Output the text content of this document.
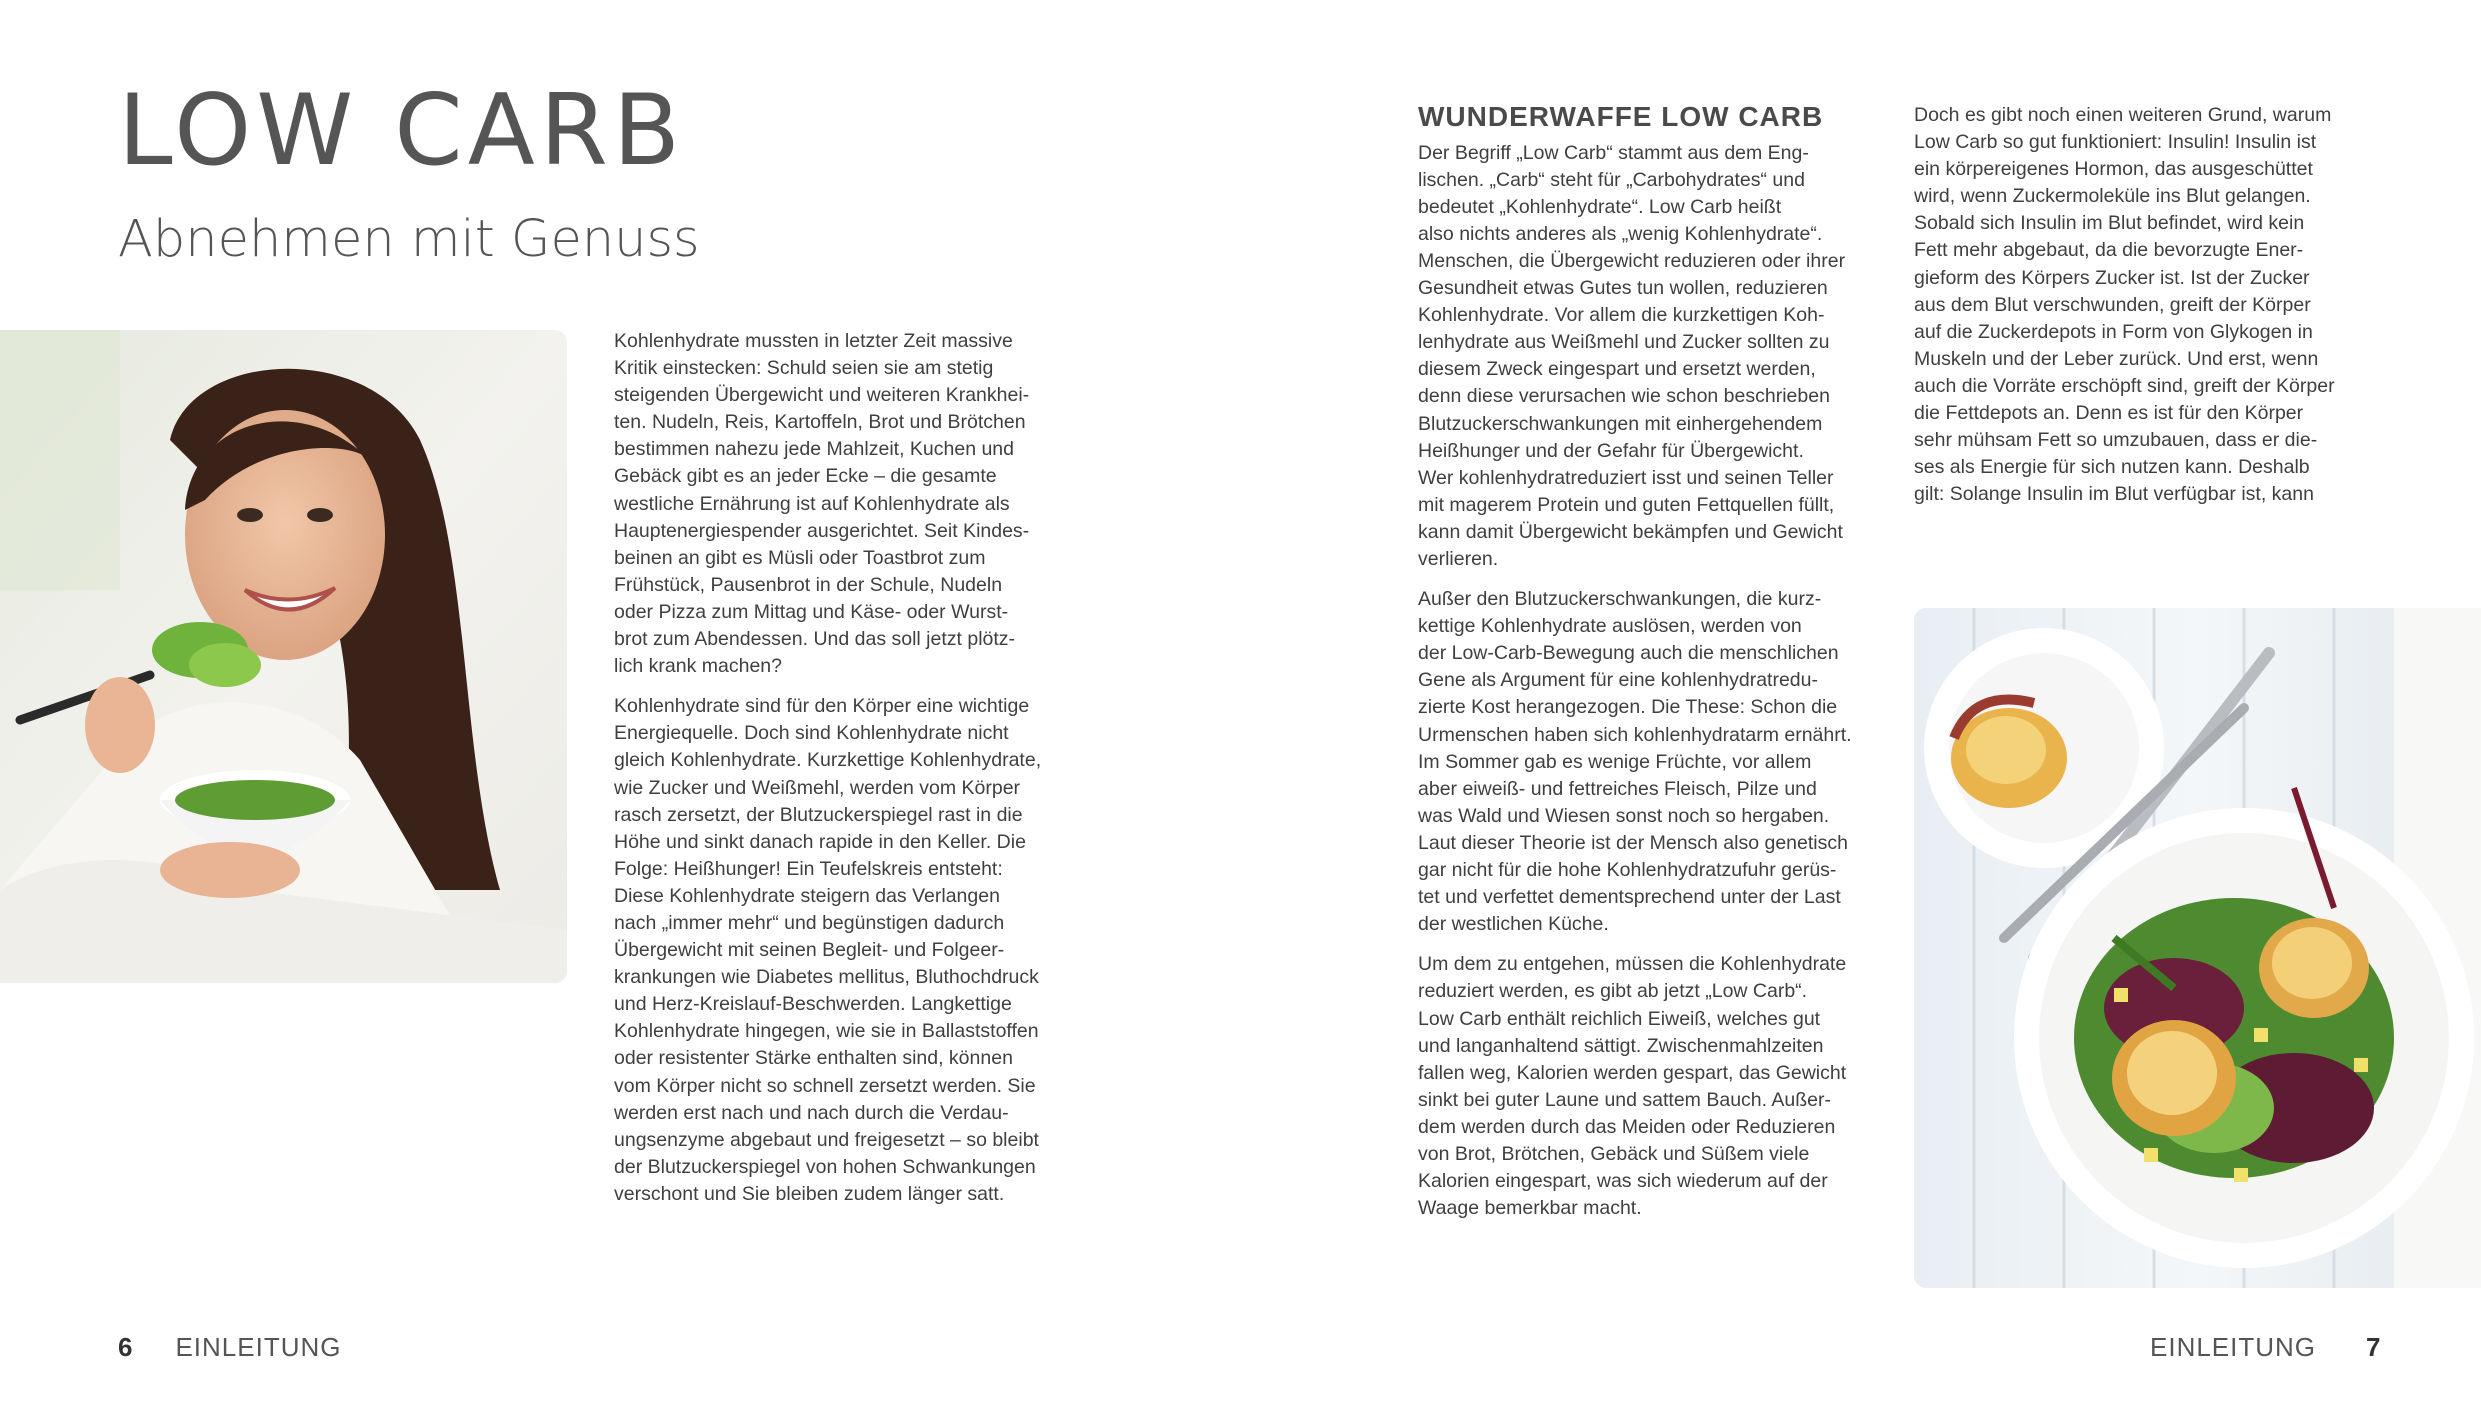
LOW CARB
Abnehmen mit Genuss

Kohlenhydrate mussten in letzter Zeit massive
Kritik einstecken: Schuld seien sie am stetig
steigenden Übergewicht und weiteren Krankhei-
ten. Nudeln, Reis, Kartoffeln, Brot und Brötchen
bestimmen nahezu jede Mahlzeit, Kuchen und
Gebäck gibt es an jeder Ecke – die gesamte
westliche Ernährung ist auf Kohlenhydrate als
Hauptenergiespender ausgerichtet. Seit Kindes-
beinen an gibt es Müsli oder Toastbrot zum
Frühstück, Pausenbrot in der Schule, Nudeln
oder Pizza zum Mittag und Käse- oder Wurst-
brot zum Abendessen. Und das soll jetzt plötz-
lich krank machen?

Kohlenhydrate sind für den Körper eine wichtige
Energiequelle. Doch sind Kohlenhydrate nicht
gleich Kohlenhydrate. Kurzkettige Kohlenhydrate,
wie Zucker und Weißmehl, werden vom Körper
rasch zersetzt, der Blutzuckerspiegel rast in die
Höhe und sinkt danach rapide in den Keller. Die
Folge: Heißhunger! Ein Teufelskreis entsteht:
Diese Kohlenhydrate steigern das Verlangen
nach „immer mehr“ und begünstigen dadurch
Übergewicht mit seinen Begleit- und Folgeer-
krankungen wie Diabetes mellitus, Bluthochdruck
und Herz-Kreislauf-Beschwerden. Langkettige
Kohlenhydrate hingegen, wie sie in Ballaststoffen
oder resistenter Stärke enthalten sind, können
vom Körper nicht so schnell zersetzt werden. Sie
werden erst nach und nach durch die Verdau-
ungsenzyme abgebaut und freigesetzt – so bleibt
der Blutzuckerspiegel von hohen Schwankungen
verschont und Sie bleiben zudem länger satt.

WUNDERWAFFE LOW CARB

Der Begriff „Low Carb“ stammt aus dem Eng-
lischen. „Carb“ steht für „Carbohydrates“ und
bedeutet „Kohlenhydrate“. Low Carb heißt
also nichts anderes als „wenig Kohlenhydrate“.
Menschen, die Übergewicht reduzieren oder ihrer
Gesundheit etwas Gutes tun wollen, reduzieren
Kohlenhydrate. Vor allem die kurzkettigen Koh-
lenhydrate aus Weißmehl und Zucker sollten zu
diesem Zweck eingespart und ersetzt werden,
denn diese verursachen wie schon beschrieben
Blutzuckerschwankungen mit einhergehendem
Heißhunger und der Gefahr für Übergewicht.
Wer kohlenhydratreduziert isst und seinen Teller
mit magerem Protein und guten Fettquellen füllt,
kann damit Übergewicht bekämpfen und Gewicht
verlieren.

Außer den Blutzuckerschwankungen, die kurz-
kettige Kohlenhydrate auslösen, werden von
der Low-Carb-Bewegung auch die menschlichen
Gene als Argument für eine kohlenhydratredu-
zierte Kost herangezogen. Die These: Schon die
Urmenschen haben sich kohlenhydratarm ernährt.
Im Sommer gab es wenige Früchte, vor allem
aber eiweiß- und fettreiches Fleisch, Pilze und
was Wald und Wiesen sonst noch so hergaben.
Laut dieser Theorie ist der Mensch also genetisch
gar nicht für die hohe Kohlenhydratzufuhr gerüs-
tet und verfettet dementsprechend unter der Last
der westlichen Küche.

Um dem zu entgehen, müssen die Kohlenhydrate
reduziert werden, es gibt ab jetzt „Low Carb“.
Low Carb enthält reichlich Eiweiß, welches gut
und langanhaltend sättigt. Zwischenmahlzeiten
fallen weg, Kalorien werden gespart, das Gewicht
sinkt bei guter Laune und sattem Bauch. Außer-
dem werden durch das Meiden oder Reduzieren
von Brot, Brötchen, Gebäck und Süßem viele
Kalorien eingespart, was sich wiederum auf der
Waage bemerkbar macht.

Doch es gibt noch einen weiteren Grund, warum
Low Carb so gut funktioniert: Insulin! Insulin ist
ein körpereigenes Hormon, das ausgeschüttet
wird, wenn Zuckermoleküle ins Blut gelangen.
Sobald sich Insulin im Blut befindet, wird kein
Fett mehr abgebaut, da die bevorzugte Ener-
gieform des Körpers Zucker ist. Ist der Zucker
aus dem Blut verschwunden, greift der Körper
auf die Zuckerdepots in Form von Glykogen in
Muskeln und der Leber zurück. Und erst, wenn
auch die Vorräte erschöpft sind, greift der Körper
die Fettdepots an. Denn es ist für den Körper
sehr mühsam Fett so umzubauen, dass er die-
ses als Energie für sich nutzen kann. Deshalb
gilt: Solange Insulin im Blut verfügbar ist, kann

6 EINLEITUNG	EINLEITUNG 7
